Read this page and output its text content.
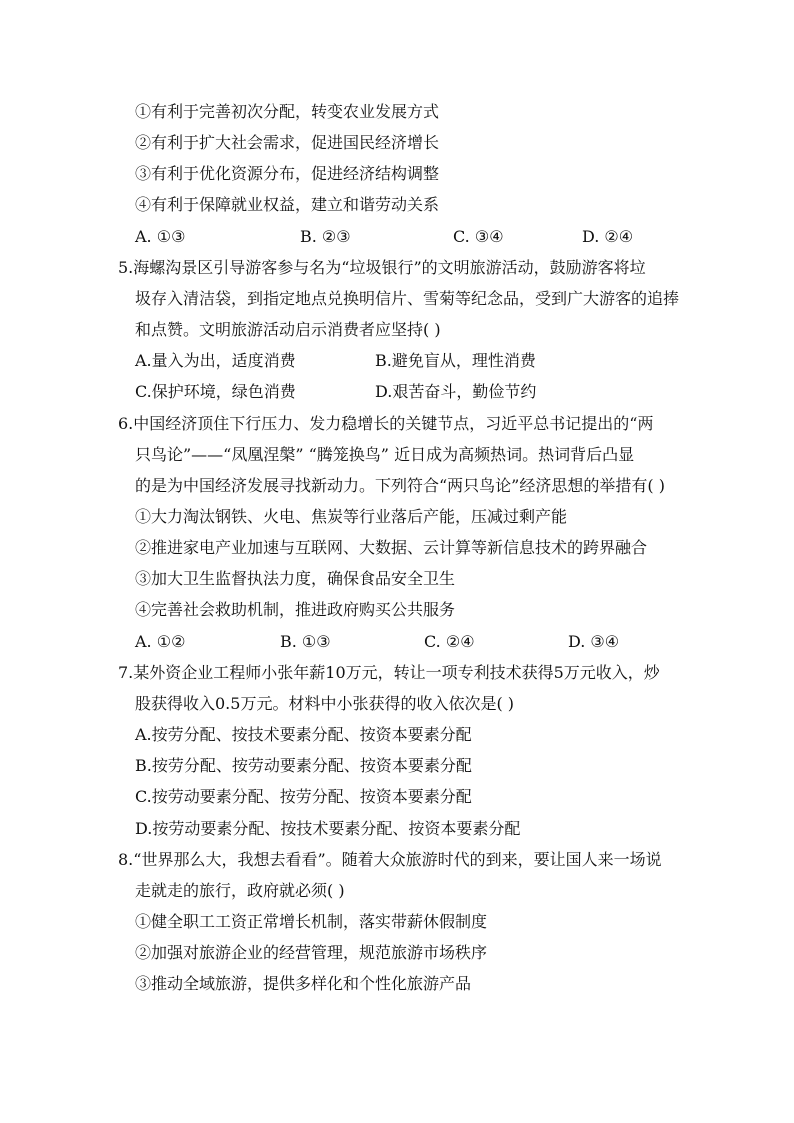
①有利于完善初次分配，转变农业发展方式
②有利于扩大社会需求，促进国民经济增长
③有利于优化资源分布，促进经济结构调整
④有利于保障就业权益，建立和谐劳动关系
A. ①③	B. ②③	C. ③④	D. ②④
5.海螺沟景区引导游客参与名为“垃圾银行”的文明旅游活动，鼓励游客将垃
圾存入清洁袋，到指定地点兑换明信片、雪菊等纪念品，受到广大游客的追捧
和点赞。文明旅游活动启示消费者应坚持( )
A.量入为出，适度消费	B.避免盲从，理性消费
C.保护环境，绿色消费	D.艰苦奋斗，勤俭节约
6.中国经济顶住下行压力、发力稳增长的关键节点，习近平总书记提出的“两
只鸟论”——“凤凰涅槃” “腾笼换鸟” 近日成为高频热词。热词背后凸显
的是为中国经济发展寻找新动力。下列符合“两只鸟论”经济思想的举措有( )
①大力淘汰钢铁、火电、焦炭等行业落后产能，压减过剩产能
②推进家电产业加速与互联网、大数据、云计算等新信息技术的跨界融合
③加大卫生监督执法力度，确保食品安全卫生
④完善社会救助机制，推进政府购买公共服务
A. ①②	B. ①③	C. ②④	D. ③④
7.某外资企业工程师小张年薪10万元，转让一项专利技术获得5万元收入，炒
股获得收入0.5万元。材料中小张获得的收入依次是( )
A.按劳分配、按技术要素分配、按资本要素分配
B.按劳分配、按劳动要素分配、按资本要素分配
C.按劳动要素分配、按劳分配、按资本要素分配
D.按劳动要素分配、按技术要素分配、按资本要素分配
8.“世界那么大，我想去看看”。随着大众旅游时代的到来，要让国人来一场说
走就走的旅行，政府就必须( )
①健全职工工资正常增长机制，落实带薪休假制度
②加强对旅游企业的经营管理，规范旅游市场秩序
③推动全域旅游，提供多样化和个性化旅游产品
